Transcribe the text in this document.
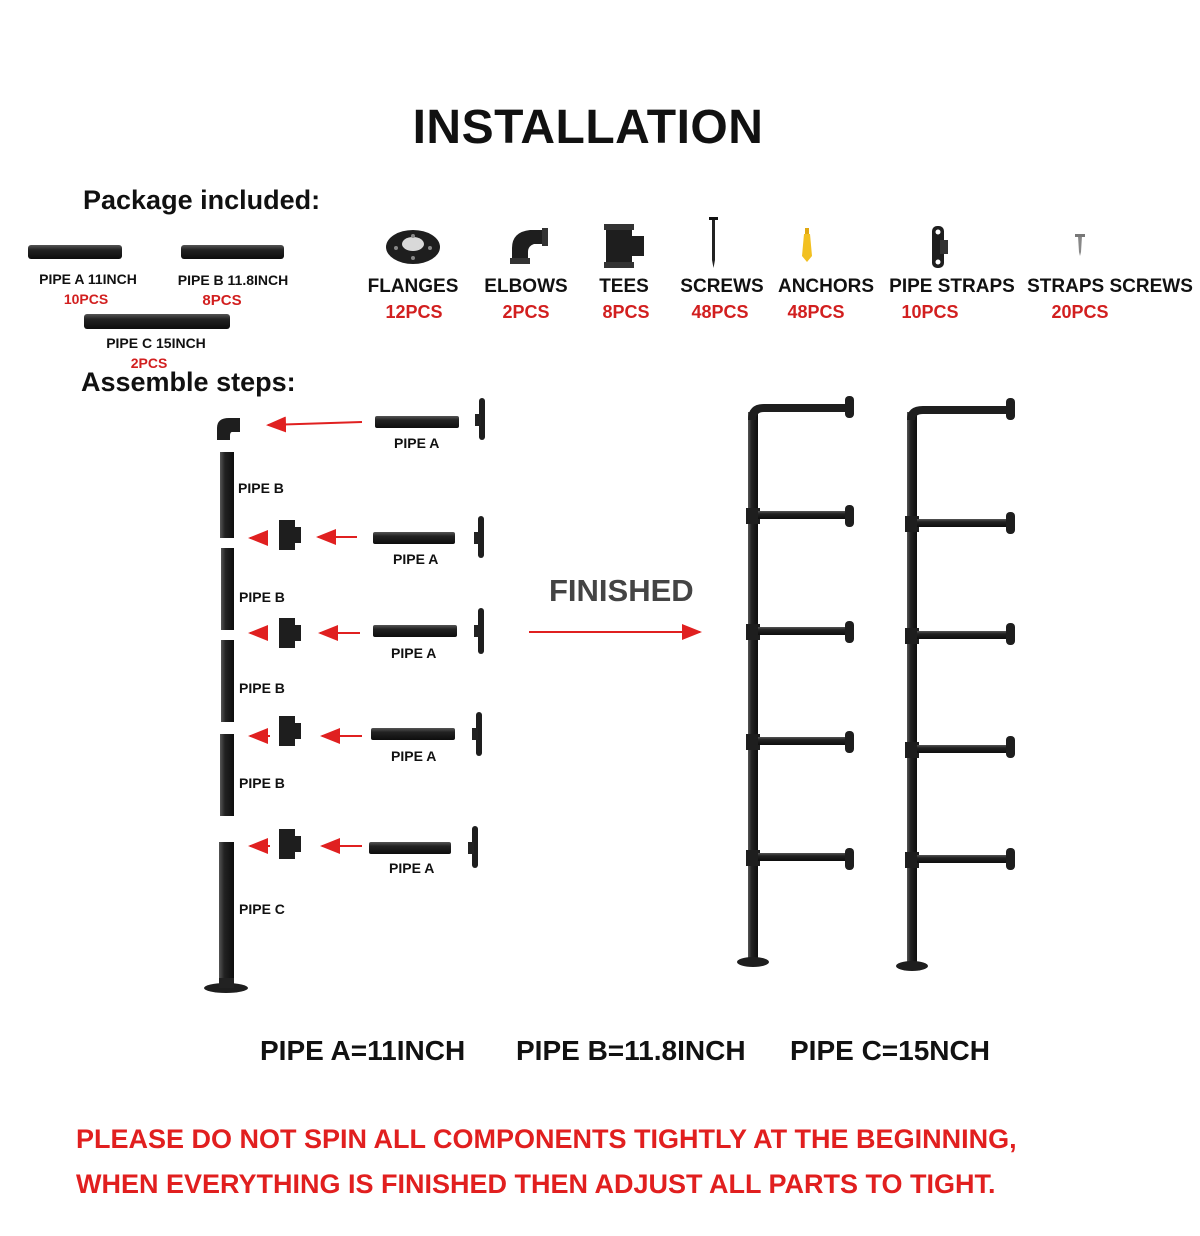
INSTALLATION
Package included:
PIPE A 11INCH
10PCS
PIPE B 11.8INCH
8PCS
PIPE C 15INCH
2PCS
FLANGES
12PCS
ELBOWS
2PCS
TEES
8PCS
SCREWS
48PCS
ANCHORS
48PCS
PIPE STRAPS
10PCS
STRAPS SCREWS
20PCS
Assemble steps:
PIPE A
PIPE A
PIPE A
PIPE A
PIPE A
PIPE B
PIPE B
PIPE B
PIPE B
PIPE C
FINISHED
PIPE A=11INCH PIPE B=11.8INCH PIPE C=15NCH
PLEASE DO NOT SPIN ALL COMPONENTS TIGHTLY AT THE BEGINNING,
WHEN EVERYTHING IS FINISHED THEN ADJUST ALL PARTS TO TIGHT.
